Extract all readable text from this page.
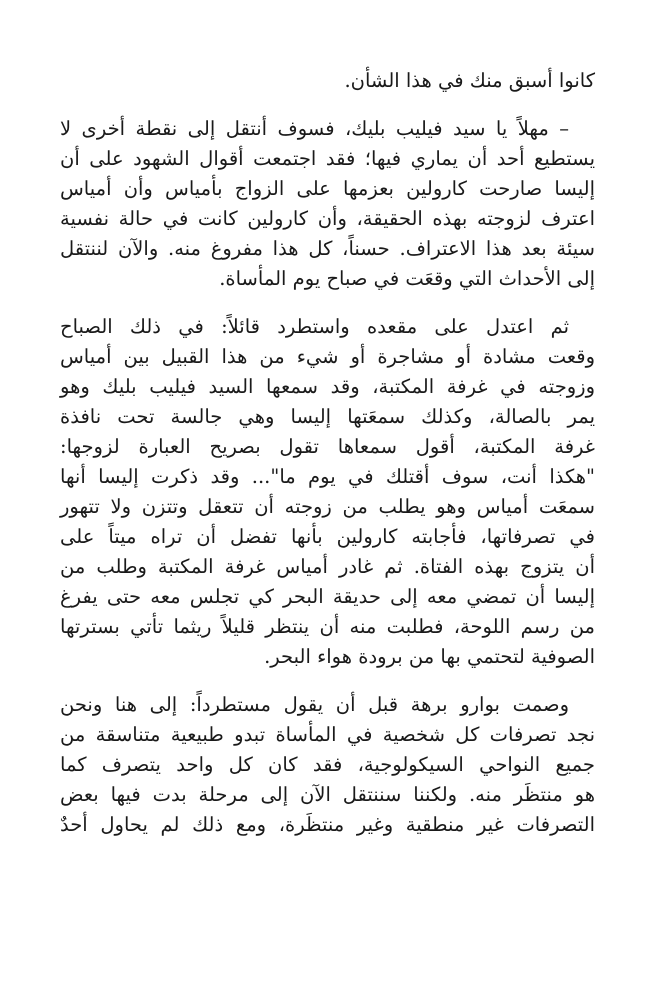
كانوا أسبق منك في هذا الشأن.
– مهلاً يا سيد فيليب بليك، فسوف أنتقل إلى نقطة أخرى لا
يستطيع أحد أن يماري فيها؛ فقد اجتمعت أقوال الشهود على أن
إليسا صارحت كارولين بعزمها على الزواج بأمياس وأن أمياس
اعترف لزوجته بهذه الحقيقة، وأن كارولين كانت في حالة نفسية
سيئة بعد هذا الاعتراف. حسناً، كل هذا مفروغ منه. والآن لننتقل
إلى الأحداث التي وقعَت في صباح يوم المأساة.
ثم اعتدل على مقعده واستطرد قائلاً: في ذلك الصباح
وقعت مشادة أو مشاجرة أو شيء من هذا القبيل بين أمياس
وزوجته في غرفة المكتبة، وقد سمعها السيد فيليب بليك وهو
يمر بالصالة، وكذلك سمعَتها إليسا وهي جالسة تحت نافذة
غرفة المكتبة، أقول سمعاها تقول بصريح العبارة لزوجها:
"هكذا أنت، سوف أقتلك في يوم ما"... وقد ذكرت إليسا أنها
سمعَت أمياس وهو يطلب من زوجته أن تتعقل وتتزن ولا تتهور
في تصرفاتها، فأجابته كارولين بأنها تفضل أن تراه ميتاً على
أن يتزوج بهذه الفتاة. ثم غادر أمياس غرفة المكتبة وطلب من
إليسا أن تمضي معه إلى حديقة البحر كي تجلس معه حتى يفرغ
من رسم اللوحة، فطلبت منه أن ينتظر قليلاً ريثما تأتي بسترتها
الصوفية لتحتمي بها من برودة هواء البحر.
وصمت بوارو برهة قبل أن يقول مستطرداً: إلى هنا ونحن
نجد تصرفات كل شخصية في المأساة تبدو طبيعية متناسقة من
جميع النواحي السيكولوجية، فقد كان كل واحد يتصرف كما
هو منتظَر منه. ولكننا سننتقل الآن إلى مرحلة بدت فيها بعض
التصرفات غير منطقية وغير منتظَرة، ومع ذلك لم يحاول أحدٌ
